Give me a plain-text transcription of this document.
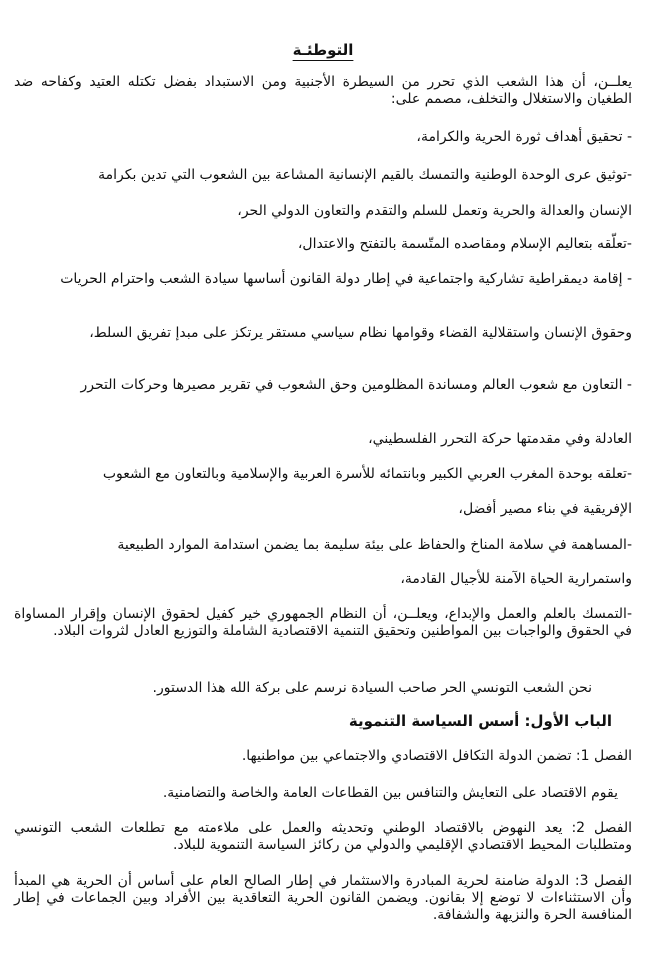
التوطئـة

يعلــن، أن هذا الشعب الذي تحرر من السيطرة الأجنبية ومن الاستبداد بفضل تكتله العتيد وكفاحه ضد الطغيان والاستغلال والتخلف، مصمم على:

- تحقيق أهداف ثورة الحرية والكرامة،

-توثيق عرى الوحدة الوطنية والتمسك بالقيم الإنسانية المشاعة بين الشعوب التي تدين بكرامة

الإنسان والعدالة والحرية وتعمل للسلم والتقدم والتعاون الدولي الحر،

-تعلّقه بتعاليم الإسلام ومقاصده المتّسمة بالتفتح والاعتدال،

- إقامة ديمقراطية تشاركية واجتماعية في إطار دولة القانون أساسها سيادة الشعب واحترام الحريات

وحقوق الإنسان واستقلالية القضاء وقوامها نظام سياسي مستقر يرتكز على مبدإ تفريق السلط،

- التعاون مع شعوب العالم ومساندة المظلومين وحق الشعوب في تقرير مصيرها وحركات التحرر

العادلة وفي مقدمتها حركة التحرر الفلسطيني،

-تعلقه بوحدة المغرب العربي الكبير وبانتمائه للأسرة العربية والإسلامية وبالتعاون مع الشعوب

الإفريقية في بناء مصير أفضل،

-المساهمة في سلامة المناخ والحفاظ على بيئة سليمة بما يضمن استدامة الموارد الطبيعية

واستمرارية الحياة الآمنة للأجيال القادمة،

-التمسك بالعلم والعمل والإبداع، ويعلــن، أن النظام الجمهوري خير كفيل لحقوق الإنسان وإقرار المساواة في الحقوق والواجبات بين المواطنين وتحقيق التنمية الاقتصادية الشاملة والتوزيع العادل لثروات البلاد.

نحن الشعب التونسي الحر صاحب السيادة نرسم على بركة الله هذا الدستور.

الباب الأول: أسس السياسة التنموية

الفصل 1: تضمن الدولة التكافل الاقتصادي والاجتماعي بين مواطنيها.

يقوم الاقتصاد على التعايش والتنافس بين القطاعات العامة والخاصة والتضامنية.

الفصل 2: يعد النهوض بالاقتصاد الوطني وتحديثه والعمل على ملاءمته مع تطلعات الشعب التونسي ومتطلبات المحيط الاقتصادي الإقليمي والدولي من ركائز السياسة التنموية للبلاد.

الفصل 3: الدولة ضامنة لحرية المبادرة والاستثمار في إطار الصالح العام على أساس أن الحرية هي المبدأ وأن الاستثناءات لا توضع إلا بقانون. ويضمن القانون الحرية التعاقدية بين الأفراد وبين الجماعات في إطار المنافسة الحرة والنزيهة والشفافة.
